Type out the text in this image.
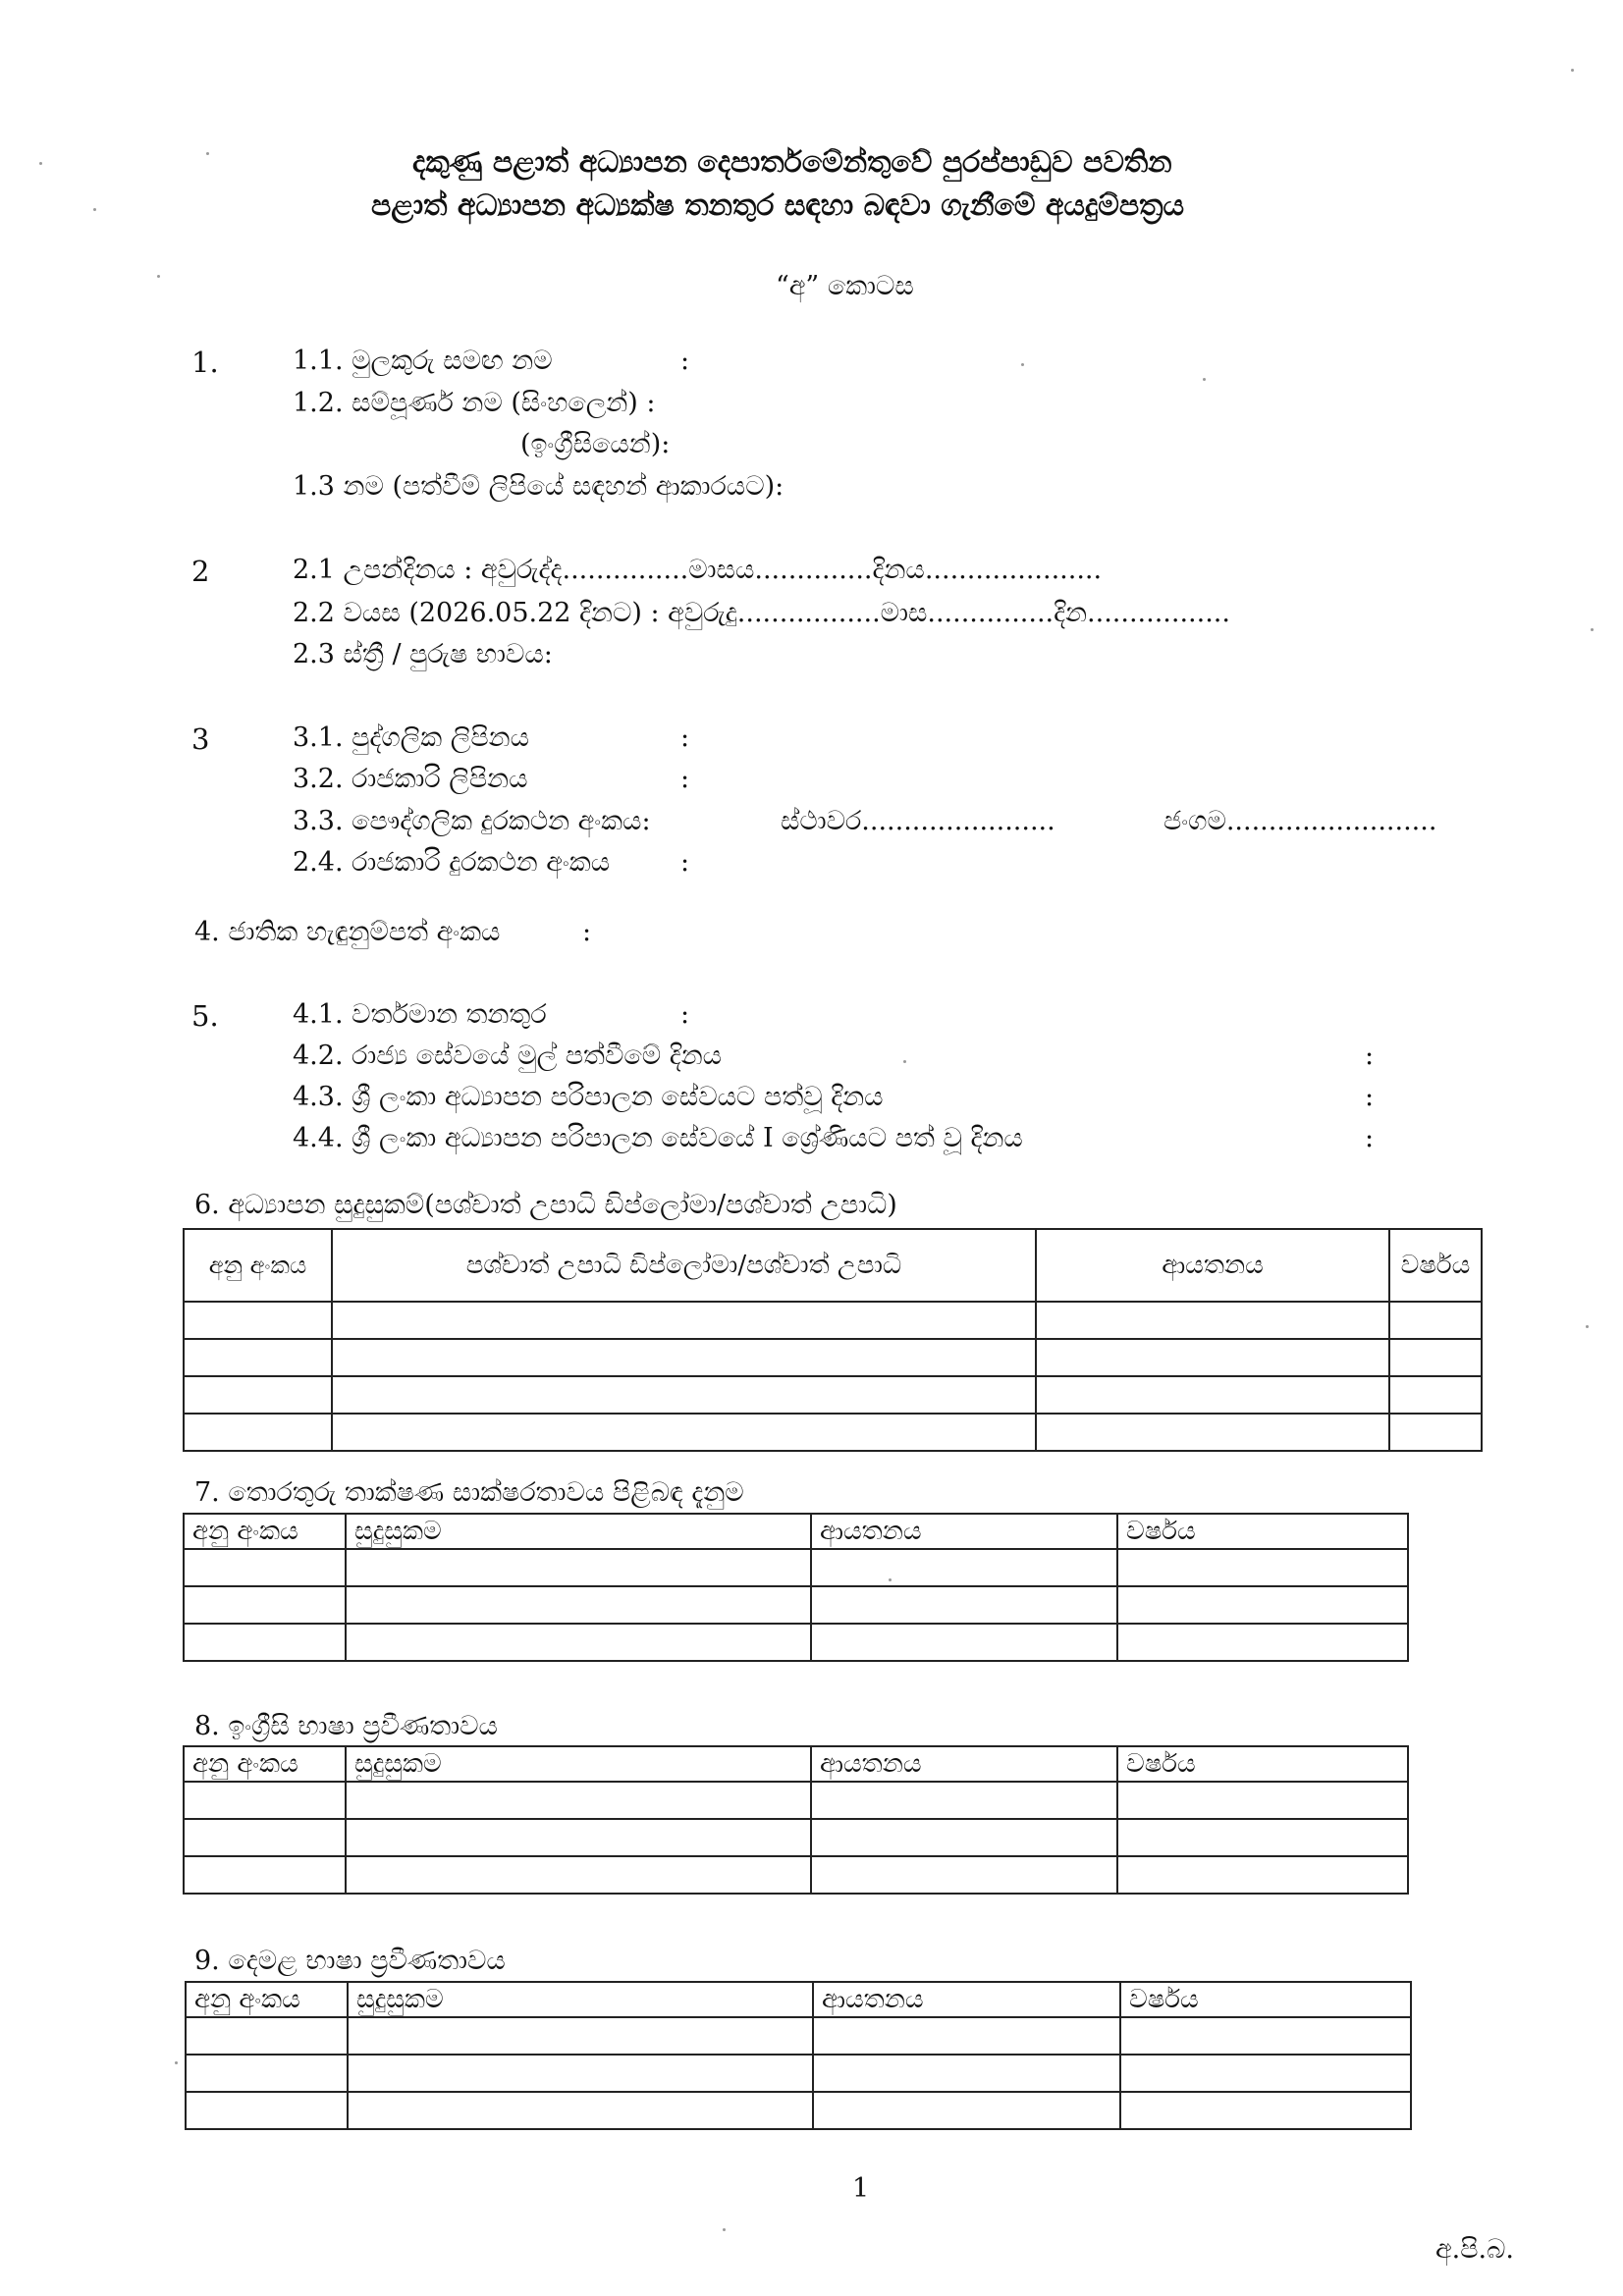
දකුණු පළාත් අධ්‍යාපන දෙපාර්තමේන්තුවේ පුරප්පාඩුව පවතින
පළාත් අධ්‍යාපන අධ්‍යක්ෂ තනතුර සඳහා බඳවා ගැනීමේ අයදුම්පත්‍රය
“අ” කොටස
1.	1.1. මුලකුරු සමඟ නම	:
1.2. සම්පූර්ණ නම (සිංහලෙන්) :
(ඉංග්‍රීසියෙන්):
1.3 නම (පත්වීම් ලිපියේ සඳහන් ආකාරයට):
2	2.1 උපන්දිනය : අවුරුද්ද...............මාසය..............දිනය.....................
2.2 වයස (2026.05.22 දිනට) : අවුරුදු.................මාස...............දින.................
2.3 ස්ත්‍රී / පුරුෂ භාවය:
3	3.1. පුද්ගලික ලිපිනය	:
3.2. රාජකාරි ලිපිනය	:
3.3. පෞද්ගලික දුරකථන අංකය:	ස්ථාවර.......................	ජංගම.........................
2.4. රාජකාරි දුරකථන අංකය	:
4. ජාතික හැඳුනුම්පත් අංකය	:
5.	4.1. වර්තමාන තනතුර	:
4.2. රාජ්‍ය සේවයේ මුල් පත්වීමේ දිනය	:
4.3. ශ්‍රී ලංකා අධ්‍යාපන පරිපාලන සේවයට පත්වූ දිනය	:
4.4. ශ්‍රී ලංකා අධ්‍යාපන පරිපාලන සේවයේ I ශ්‍රේණියට පත් වූ දිනය	:
6. අධ්‍යාපන සුදුසුකම්(පශ්චාත් උපාධි ඩිප්ලෝමා/පශ්චාත් උපාධි)
අනු අංකය	පශ්චාත් උපාධි ඩිප්ලෝමා/පශ්චාත් උපාධි	ආයතනය	වර්ෂය

7. තොරතුරු තාක්ෂණ සාක්ෂරතාවය පිළිබඳ දැනුම
අනු අංකය	සුදුසුකම	ආයතනය	වර්ෂය

8. ඉංග්‍රීසි භාෂා ප්‍රවීණතාවය
අනු අංකය	සුදුසුකම	ආයතනය	වර්ෂය

9. දෙමළ භාෂා ප්‍රවීණතාවය
අනු අංකය	සුදුසුකම	ආයතනය	වර්ෂය

1
අ.පි.බ.
